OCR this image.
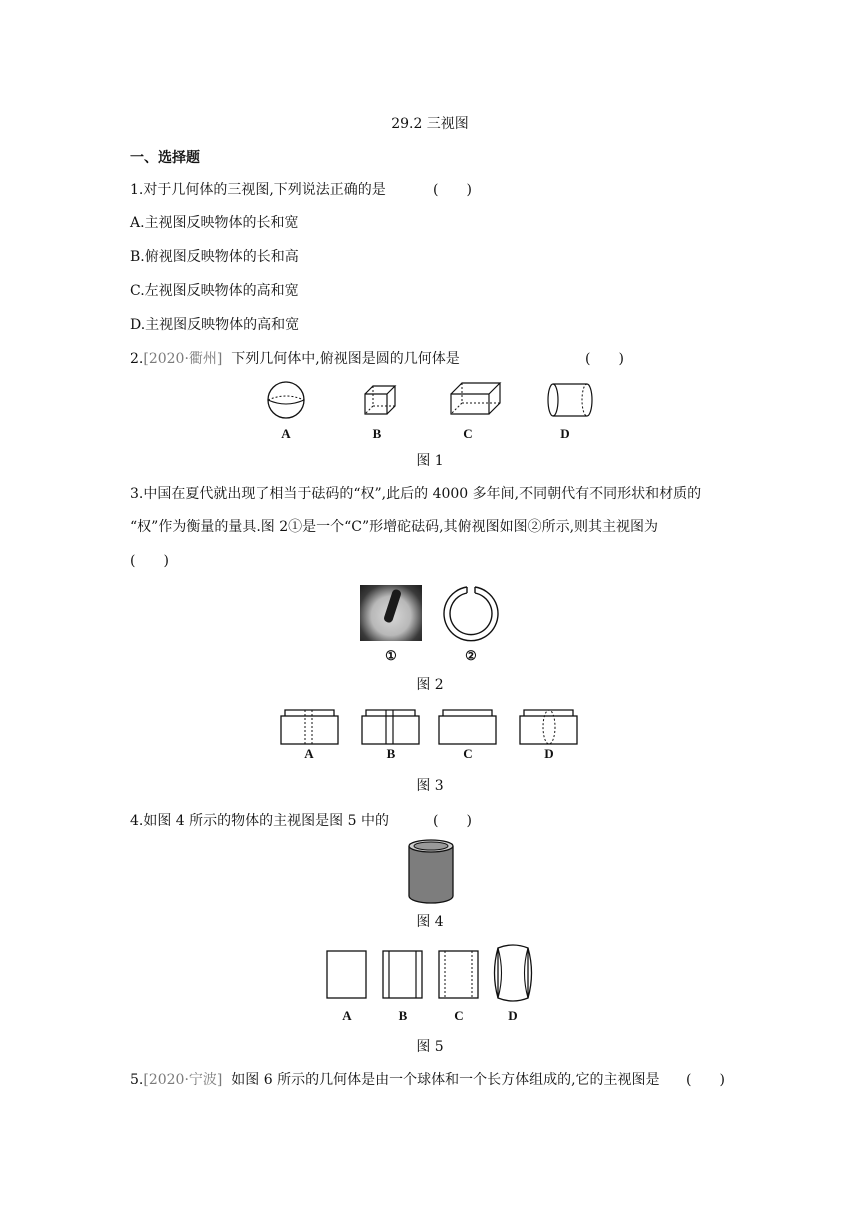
29.2 三视图
一、选择题
1.对于几何体的三视图,下列说法正确的是	(　　)
A.主视图反映物体的长和宽
B.俯视图反映物体的长和高
C.左视图反映物体的高和宽
D.主视图反映物体的高和宽
2.[2020·衢州] 下列几何体中,俯视图是圆的几何体是	(　　)
A	B	C	D
图 1
3.中国在夏代就出现了相当于砝码的“权”,此后的 4000 多年间,不同朝代有不同形状和材质的
“权”作为衡量的量具.图 2①是一个“C”形增砣砝码,其俯视图如图②所示,则其主视图为
(　　)
①	②
图 2
A	B	C	D
图 3
4.如图 4 所示的物体的主视图是图 5 中的	(　　)
图 4
A	B	C	D
图 5
5.[2020·宁波] 如图 6 所示的几何体是由一个球体和一个长方体组成的,它的主视图是 (　　)
